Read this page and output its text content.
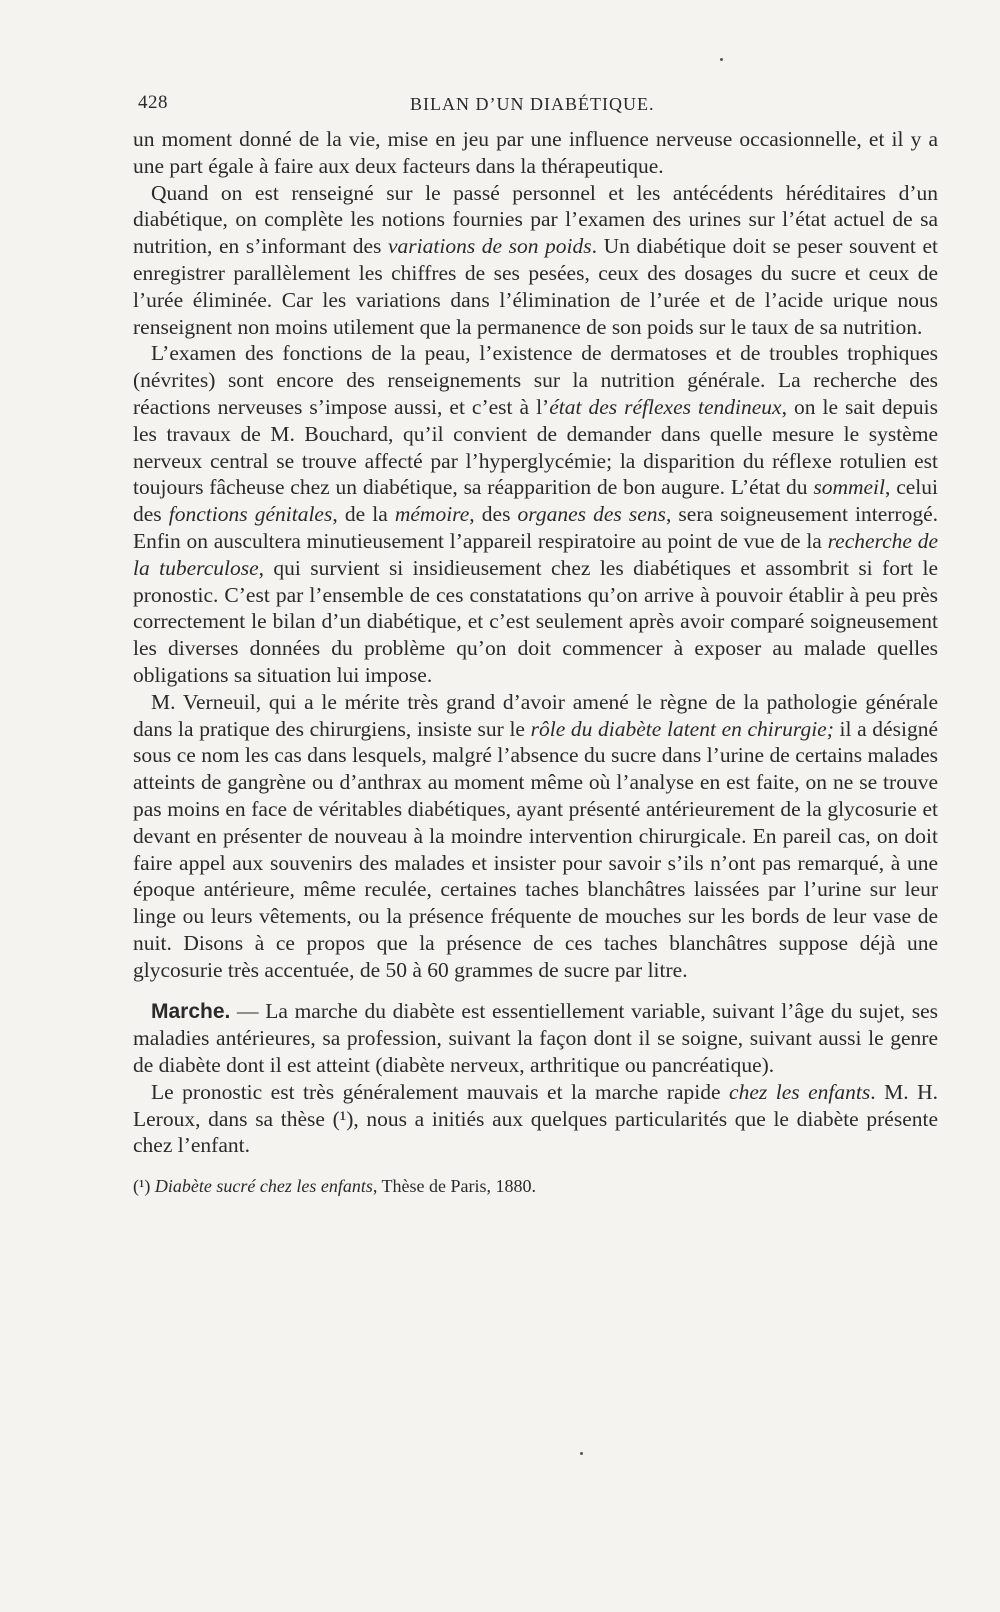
428	BILAN D’UN DIABÉTIQUE.

un moment donné de la vie, mise en jeu par une influence nerveuse occasionnelle, et il y a une part égale à faire aux deux facteurs dans la thérapeutique.

Quand on est renseigné sur le passé personnel et les antécédents héréditaires d’un diabétique, on complète les notions fournies par l’examen des urines sur l’état actuel de sa nutrition, en s’informant des variations de son poids. Un diabétique doit se peser souvent et enregistrer parallèlement les chiffres de ses pesées, ceux des dosages du sucre et ceux de l’urée éliminée. Car les variations dans l’élimination de l’urée et de l’acide urique nous renseignent non moins utilement que la permanence de son poids sur le taux de sa nutrition.

L’examen des fonctions de la peau, l’existence de dermatoses et de troubles trophiques (névrites) sont encore des renseignements sur la nutrition générale. La recherche des réactions nerveuses s’impose aussi, et c’est à l’état des réflexes tendineux, on le sait depuis les travaux de M. Bouchard, qu’il convient de demander dans quelle mesure le système nerveux central se trouve affecté par l’hyperglycémie; la disparition du réflexe rotulien est toujours fâcheuse chez un diabétique, sa réapparition de bon augure. L’état du sommeil, celui des fonctions génitales, de la mémoire, des organes des sens, sera soigneusement interrogé. Enfin on auscultera minutieusement l’appareil respiratoire au point de vue de la recherche de la tuberculose, qui survient si insidieusement chez les diabétiques et assombrit si fort le pronostic. C’est par l’ensemble de ces constatations qu’on arrive à pouvoir établir à peu près correctement le bilan d’un diabétique, et c’est seulement après avoir comparé soigneusement les diverses données du problème qu’on doit commencer à exposer au malade quelles obligations sa situation lui impose.

M. Verneuil, qui a le mérite très grand d’avoir amené le règne de la pathologie générale dans la pratique des chirurgiens, insiste sur le rôle du diabète latent en chirurgie; il a désigné sous ce nom les cas dans lesquels, malgré l’absence du sucre dans l’urine de certains malades atteints de gangrène ou d’anthrax au moment même où l’analyse en est faite, on ne se trouve pas moins en face de véritables diabétiques, ayant présenté antérieurement de la glycosurie et devant en présenter de nouveau à la moindre intervention chirurgicale. En pareil cas, on doit faire appel aux souvenirs des malades et insister pour savoir s’ils n’ont pas remarqué, à une époque antérieure, même reculée, certaines taches blanchâtres laissées par l’urine sur leur linge ou leurs vêtements, ou la présence fréquente de mouches sur les bords de leur vase de nuit. Disons à ce propos que la présence de ces taches blanchâtres suppose déjà une glycosurie très accentuée, de 50 à 60 grammes de sucre par litre.

Marche. — La marche du diabète est essentiellement variable, suivant l’âge du sujet, ses maladies antérieures, sa profession, suivant la façon dont il se soigne, suivant aussi le genre de diabète dont il est atteint (diabète nerveux, arthritique ou pancréatique).

Le pronostic est très généralement mauvais et la marche rapide chez les enfants. M. H. Leroux, dans sa thèse (¹), nous a initiés aux quelques particularités que le diabète présente chez l’enfant.

(¹) Diabète sucré chez les enfants, Thèse de Paris, 1880.
